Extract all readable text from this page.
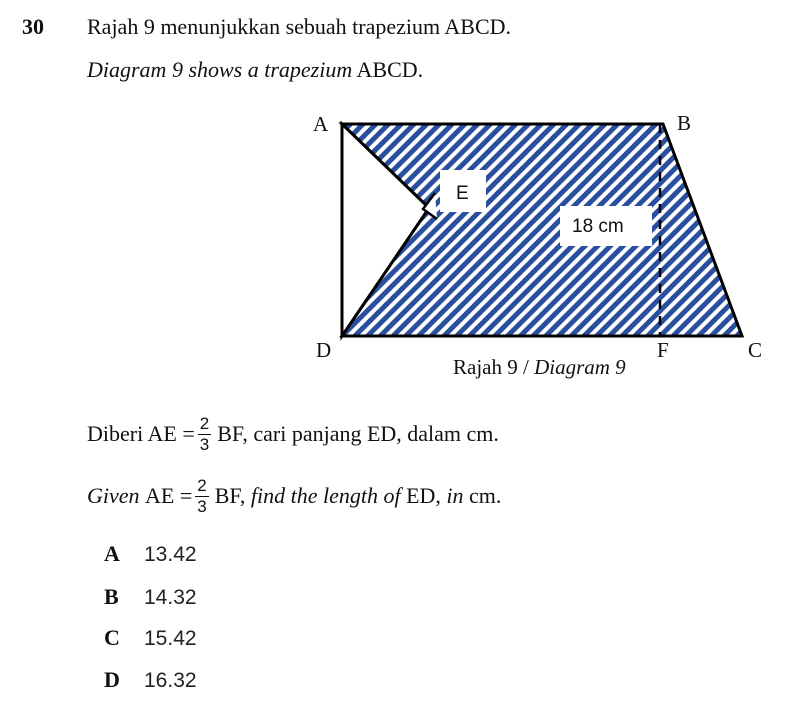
30 Rajah 9 menunjukkan sebuah trapezium ABCD.
Diagram 9 shows a trapezium ABCD.
E
18 cm
A	B
D	F	C
Rajah 9 / Diagram 9
Diberi AE = $\frac{2}{3}$ BF, cari panjang ED, dalam cm.
Given
AE = $\frac{2}{3}$ BF,
find the length of
ED,
in
cm.
A 13.42
B 14.32
C 15.42
D 16.32
